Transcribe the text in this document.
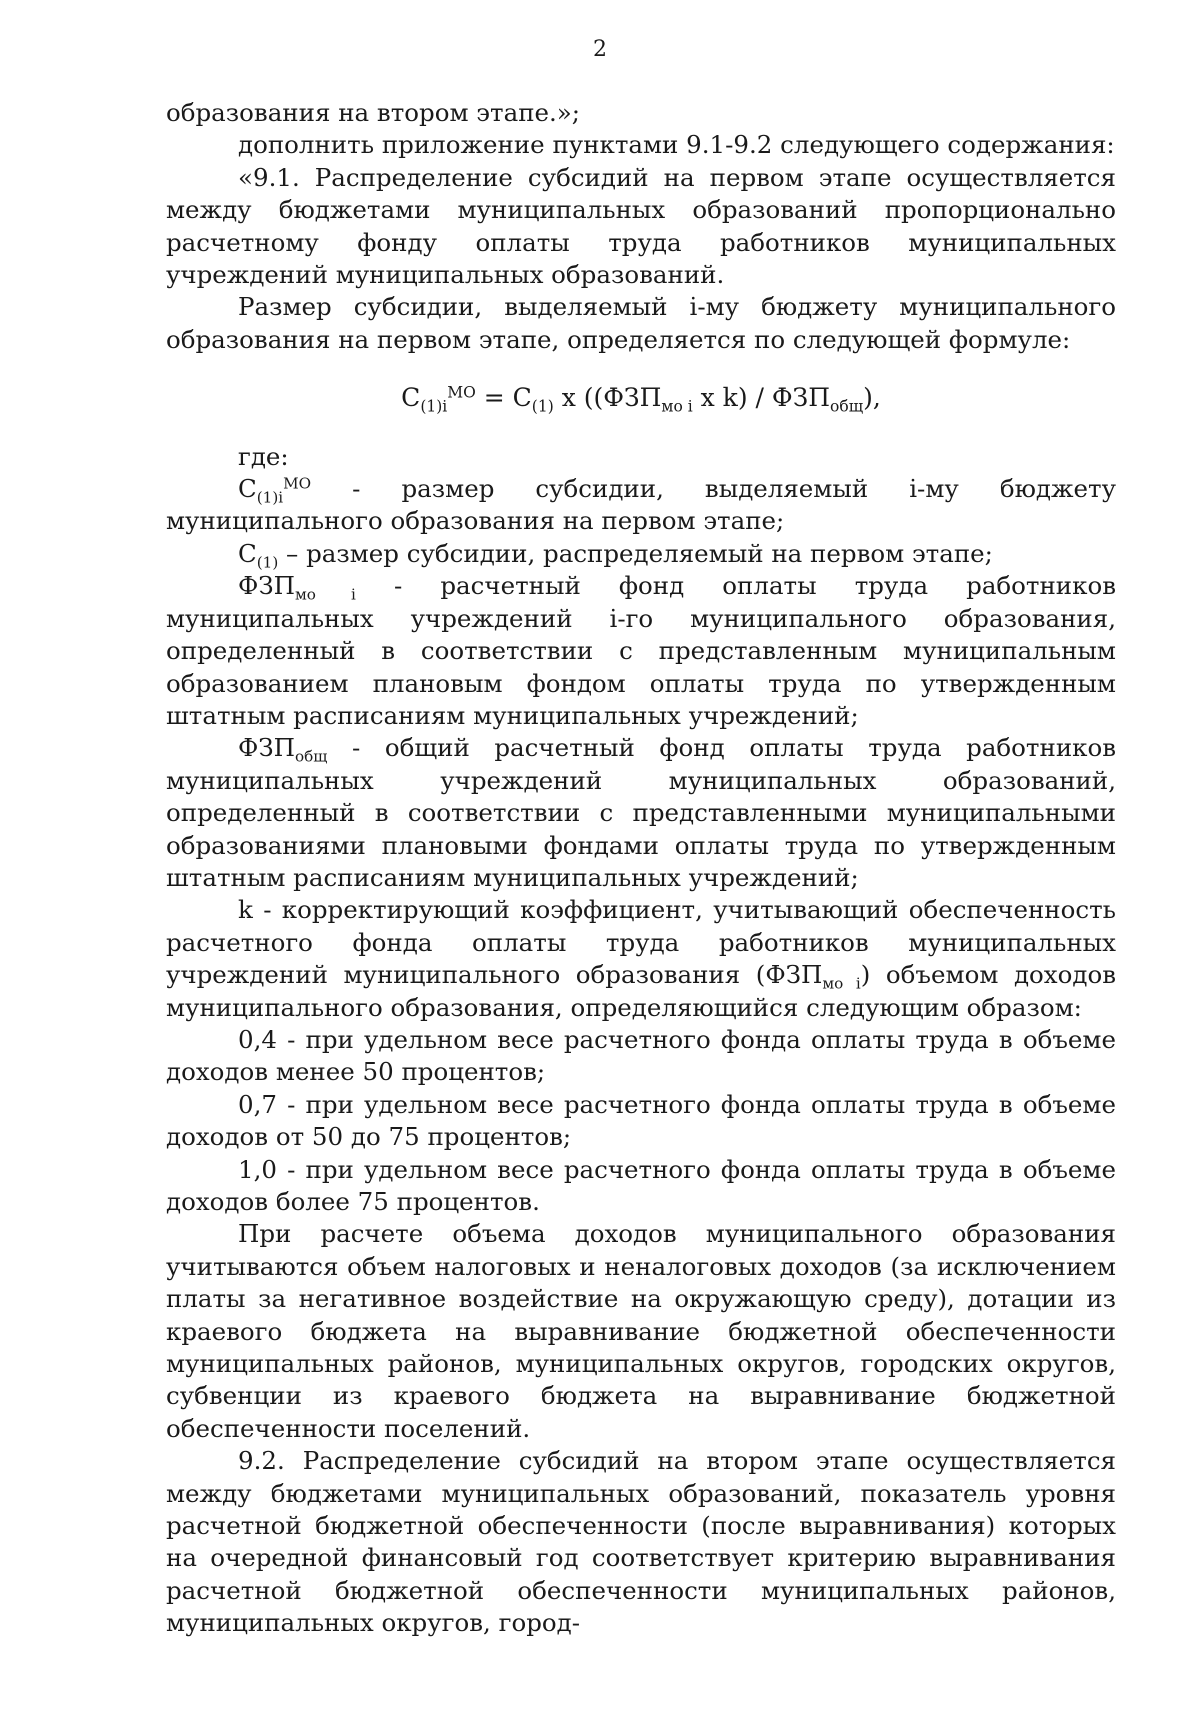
2

образования на втором этапе.»;

дополнить приложение пунктами 9.1-9.2 следующего содержания:

«9.1. Распределение субсидий на первом этапе осуществляется между бюджетами муниципальных образований пропорционально расчетному фонду оплаты труда работников муниципальных учреждений муниципальных образований.

Размер субсидии, выделяемый i-му бюджету муниципального образования на первом этапе, определяется по следующей формуле:

$С_{(1)i}^{МО} = С_{(1)}$ х (($ФЗП_{мо i}$ х $k) / ФЗП_{общ}$),

где:

$С_{(1)i}^{МО}$ - размер субсидии, выделяемый i-му бюджету муниципального образования на первом этапе;

$С_{(1)}$ – размер субсидии, распределяемый на первом этапе;

$ФЗП_{мо i}$ - расчетный фонд оплаты труда работников муниципальных учреждений i-го муниципального образования, определенный в соответствии с представленным муниципальным образованием плановым фондом оплаты труда по утвержденным штатным расписаниям муниципальных учреждений;

$ФЗП_{общ}$ - общий расчетный фонд оплаты труда работников муниципальных учреждений муниципальных образований, определенный в соответствии с представленными муниципальными образованиями плановыми фондами оплаты труда по утвержденным штатным расписаниям муниципальных учреждений;

k - корректирующий коэффициент, учитывающий обеспеченность расчетного фонда оплаты труда работников муниципальных учреждений муниципального образования $(ФЗП_{мо i})$ объемом доходов муниципального образования, определяющийся следующим образом:

0,4 - при удельном весе расчетного фонда оплаты труда в объеме доходов менее 50 процентов;

0,7 - при удельном весе расчетного фонда оплаты труда в объеме доходов от 50 до 75 процентов;

1,0 - при удельном весе расчетного фонда оплаты труда в объеме доходов более 75 процентов.

При расчете объема доходов муниципального образования учитываются объем налоговых и неналоговых доходов (за исключением платы за негативное воздействие на окружающую среду), дотации из краевого бюджета на выравнивание бюджетной обеспеченности муниципальных районов, муниципальных округов, городских округов, субвенции из краевого бюджета на выравнивание бюджетной обеспеченности поселений.

9.2. Распределение субсидий на втором этапе осуществляется между бюджетами муниципальных образований, показатель уровня расчетной бюджетной обеспеченности (после выравнивания) которых на очередной финансовый год соответствует критерию выравнивания расчетной бюджетной обеспеченности муниципальных районов, муниципальных округов, город-
